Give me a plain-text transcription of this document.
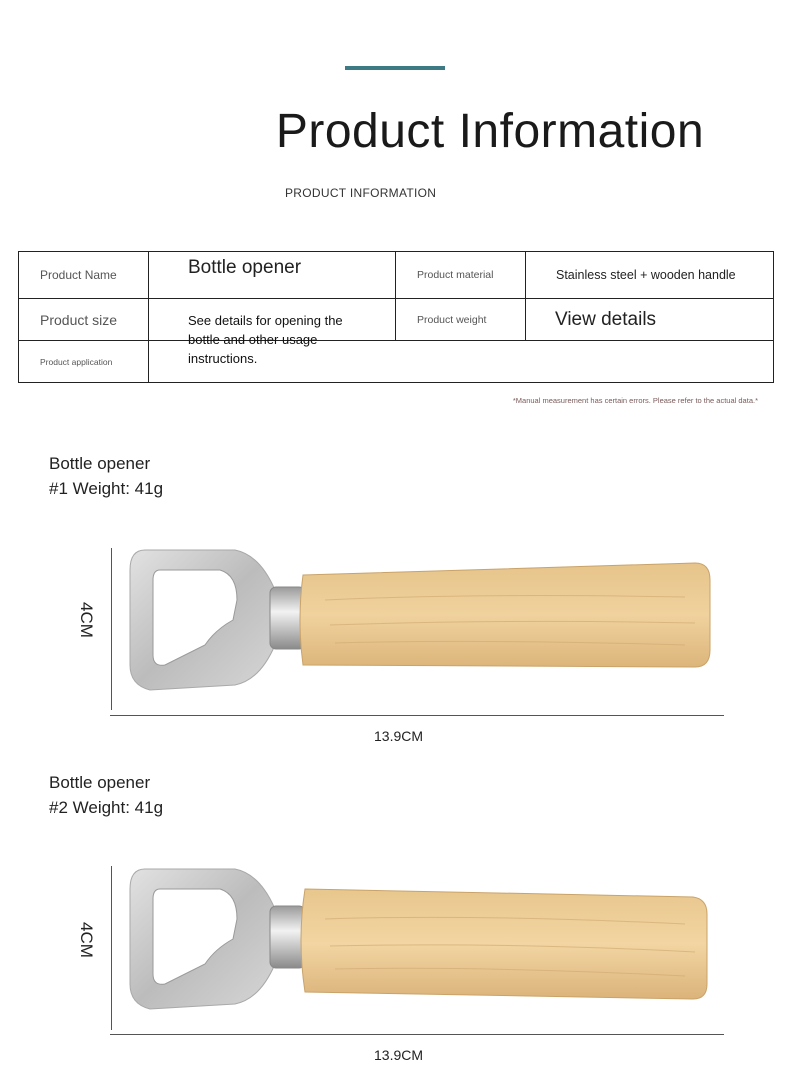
Product Information
PRODUCT INFORMATION
Product Name	Bottle opener	Product material	Stainless steel + wooden handle
Product size	See details for opening the bottle and other usage instructions.	Product weight	View details
Product application			
*Manual measurement has certain errors. Please refer to the actual data.*
Bottle opener
#1 Weight: 41g
4CM
13.9CM
Bottle opener
#2 Weight: 41g
4CM
13.9CM
